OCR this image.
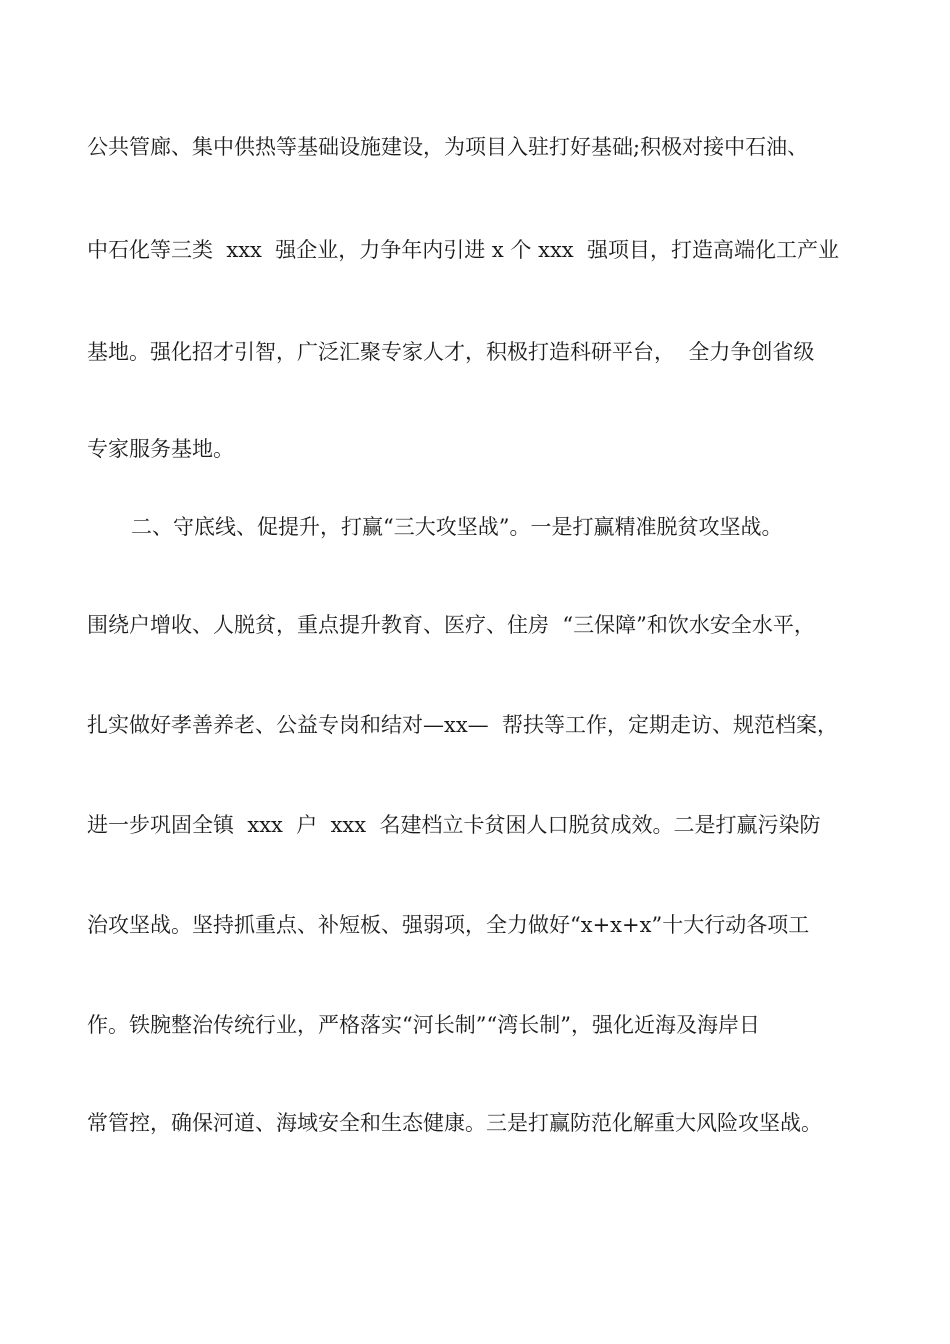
公共管廊、集中供热等基础设施建设，为项目入驻打好基础;积极对接中石油、
中石化等三类  xxx  强企业，力争年内引进 x 个 xxx  强项目，打造高端化工产业
基地。强化招才引智，广泛汇聚专家人才，积极打造科研平台，  全力争创省级
专家服务基地。
二、守底线、促提升，打赢“三大攻坚战”。一是打赢精准脱贫攻坚战。
围绕户增收、人脱贫，重点提升教育、医疗、住房  “三保障”和饮水安全水平，
扎实做好孝善养老、公益专岗和结对—xx—  帮扶等工作，定期走访、规范档案，
进一步巩固全镇  xxx  户  xxx  名建档立卡贫困人口脱贫成效。二是打赢污染防
治攻坚战。坚持抓重点、补短板、强弱项，全力做好“x+x+x”十大行动各项工
作。铁腕整治传统行业，严格落实“河长制”“湾长制”，强化近海及海岸日
常管控，确保河道、海域安全和生态健康。三是打赢防范化解重大风险攻坚战。
